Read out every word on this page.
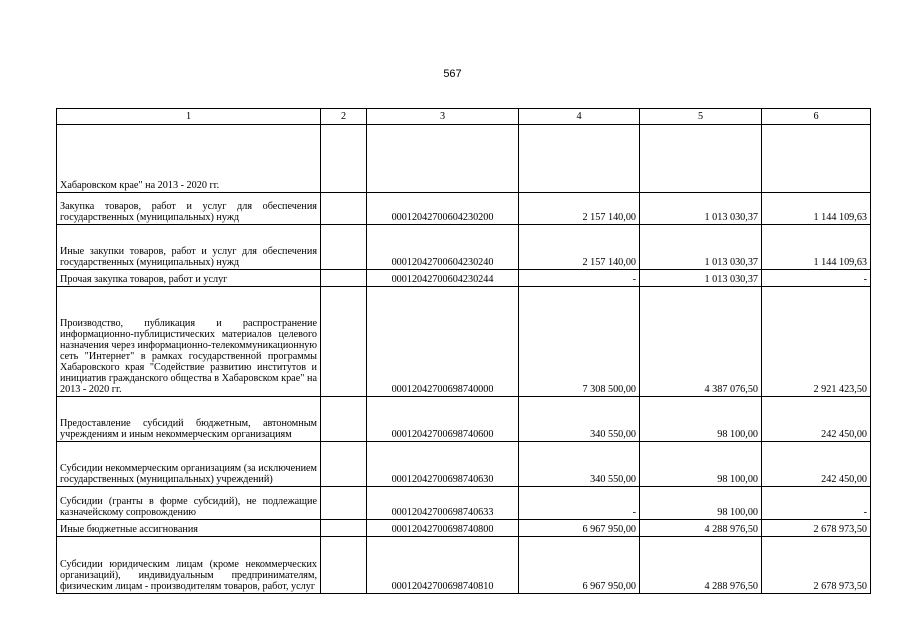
567
1	2	3	4	5	6
Хабаровском крае" на 2013 - 2020 гг.					
Закупка товаров, работ и услуг для обеспечения государственных (муниципальных) нужд		00012042700604230200	2 157 140,00	1 013 030,37	1 144 109,63
Иные закупки товаров, работ и услуг для обеспечения государственных (муниципальных) нужд		00012042700604230240	2 157 140,00	1 013 030,37	1 144 109,63
Прочая закупка товаров, работ и услуг		00012042700604230244	-	1 013 030,37	-
Производство, публикация и распространение информационно-публицистических материалов целевого назначения через информационно-телекоммуникационную сеть "Интернет" в рамках государственной программы Хабаровского края "Содействие развитию институтов и инициатив гражданского общества в Хабаровском крае" на 2013 - 2020 гг.		00012042700698740000	7 308 500,00	4 387 076,50	2 921 423,50
Предоставление субсидий бюджетным, автономным учреждениям и иным некоммерческим организациям		00012042700698740600	340 550,00	98 100,00	242 450,00
Субсидии некоммерческим организациям (за исключением государственных (муниципальных) учреждений)		00012042700698740630	340 550,00	98 100,00	242 450,00
Субсидии (гранты в форме субсидий), не подлежащие казначейскому сопровождению		00012042700698740633	-	98 100,00	-
Иные бюджетные ассигнования		00012042700698740800	6 967 950,00	4 288 976,50	2 678 973,50
Субсидии юридическим лицам (кроме некоммерческих организаций), индивидуальным предпринимателям, физическим лицам - производителям товаров, работ, услуг		00012042700698740810	6 967 950,00	4 288 976,50	2 678 973,50
